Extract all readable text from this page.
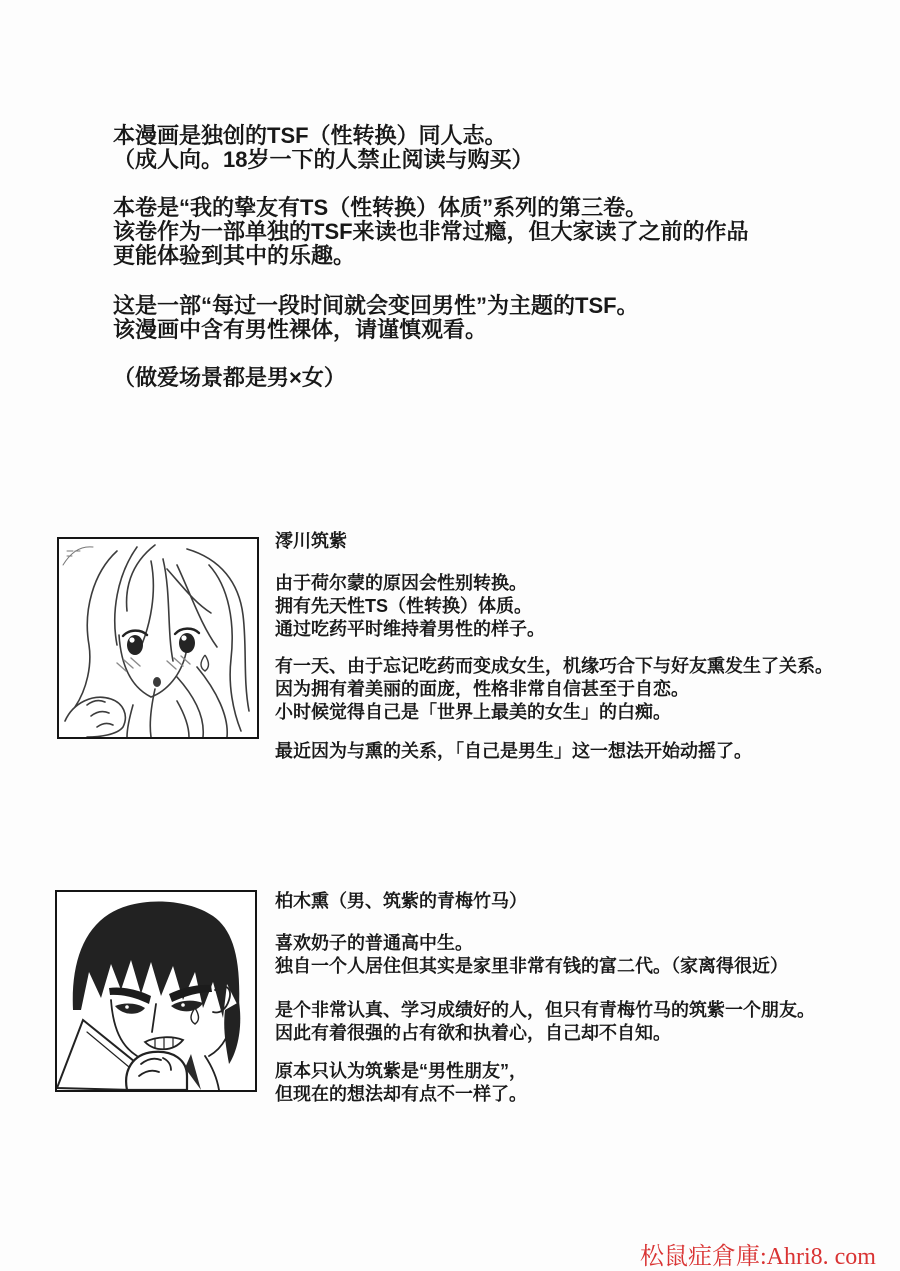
本漫画是独创的TSF（性转换）同人志。
（成人向。18岁一下的人禁止阅读与购买）
本卷是“我的挚友有TS（性转换）体质”系列的第三卷。
该卷作为一部单独的TSF来读也非常过瘾，但大家读了之前的作品
更能体验到其中的乐趣。
这是一部“每过一段时间就会变回男性”为主题的TSF。
该漫画中含有男性裸体，请谨慎观看。
（做爱场景都是男×女）
澪川筑紫
由于荷尔蒙的原因会性别转换。
拥有先天性TS（性转换）体质。
通过吃药平时维持着男性的样子。
有一天、由于忘记吃药而变成女生，机缘巧合下与好友熏发生了关系。
因为拥有着美丽的面庞，性格非常自信甚至于自恋。
小时候觉得自己是「世界上最美的女生」的白痴。
最近因为与熏的关系，「自己是男生」这一想法开始动摇了。
柏木熏（男、筑紫的青梅竹马）
喜欢奶子的普通高中生。
独自一个人居住但其实是家里非常有钱的富二代。（家离得很近）
是个非常认真、学习成绩好的人，但只有青梅竹马的筑紫一个朋友。
因此有着很强的占有欲和执着心，自己却不自知。
原本只认为筑紫是“男性朋友”，
但现在的想法却有点不一样了。
松鼠症倉庫:Ahri8. com
